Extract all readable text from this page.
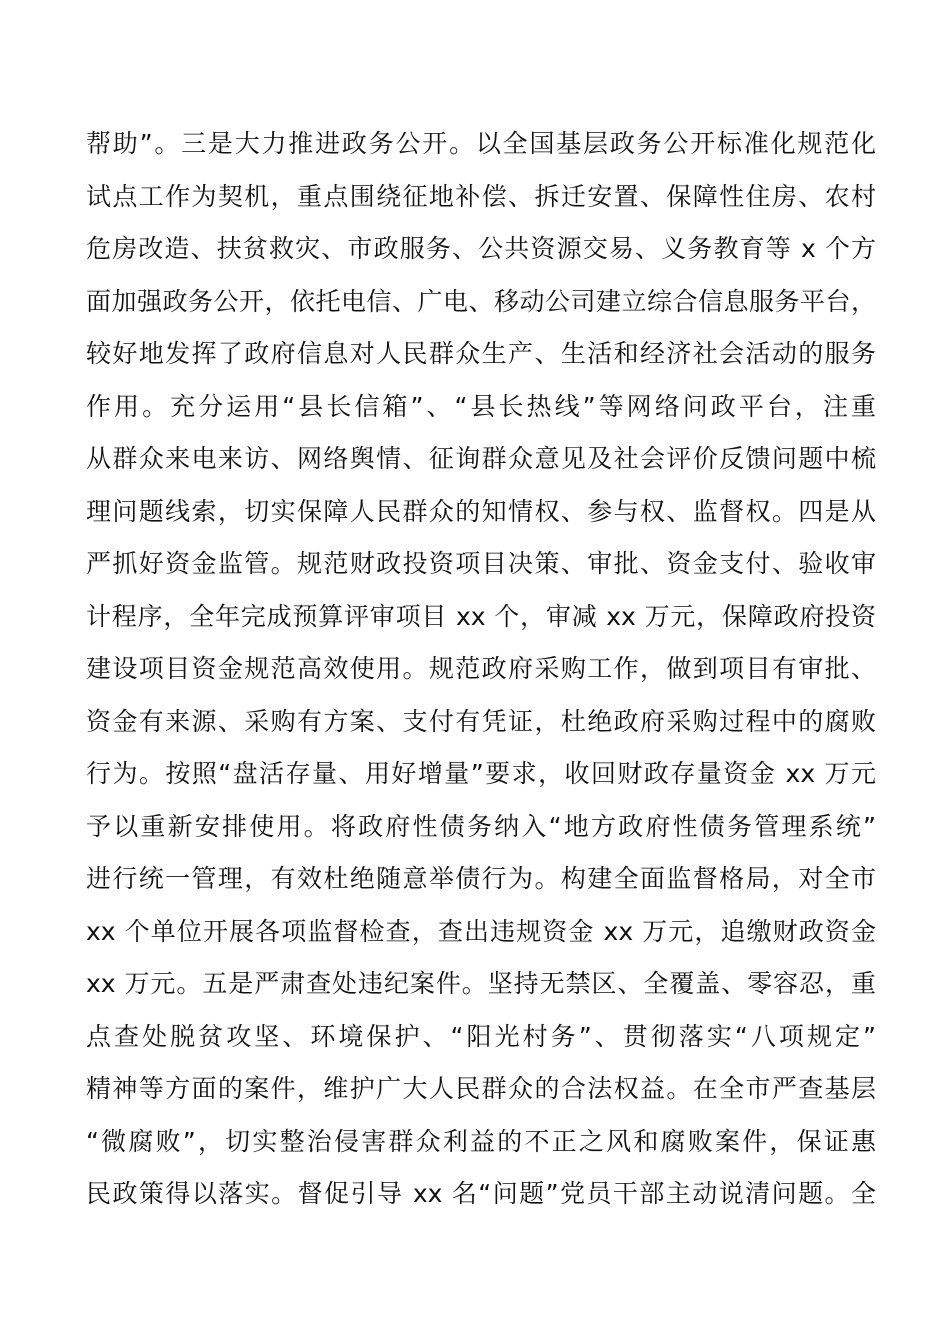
帮助”。三是大力推进政务公开。以全国基层政务公开标准化规范化
试点工作为契机，重点围绕征地补偿、拆迁安置、保障性住房、农村
危房改造、扶贫救灾、市政服务、公共资源交易、义务教育等 x 个方
面加强政务公开，依托电信、广电、移动公司建立综合信息服务平台，
较好地发挥了政府信息对人民群众生产、生活和经济社会活动的服务
作用。充分运用“县长信箱”、“县长热线”等网络问政平台，注重
从群众来电来访、网络舆情、征询群众意见及社会评价反馈问题中梳
理问题线索，切实保障人民群众的知情权、参与权、监督权。四是从
严抓好资金监管。规范财政投资项目决策、审批、资金支付、验收审
计程序，全年完成预算评审项目 xx 个，审减 xx 万元，保障政府投资
建设项目资金规范高效使用。规范政府采购工作，做到项目有审批、
资金有来源、采购有方案、支付有凭证，杜绝政府采购过程中的腐败
行为。按照“盘活存量、用好增量”要求，收回财政存量资金 xx 万元
予以重新安排使用。将政府性债务纳入“地方政府性债务管理系统”
进行统一管理，有效杜绝随意举债行为。构建全面监督格局，对全市
xx 个单位开展各项监督检查，查出违规资金 xx 万元，追缴财政资金
xx 万元。五是严肃查处违纪案件。坚持无禁区、全覆盖、零容忍，重
点查处脱贫攻坚、环境保护、“阳光村务”、贯彻落实“八项规定”
精神等方面的案件，维护广大人民群众的合法权益。在全市严查基层
“微腐败”，切实整治侵害群众利益的不正之风和腐败案件，保证惠
民政策得以落实。督促引导 xx 名“问题”党员干部主动说清问题。全
